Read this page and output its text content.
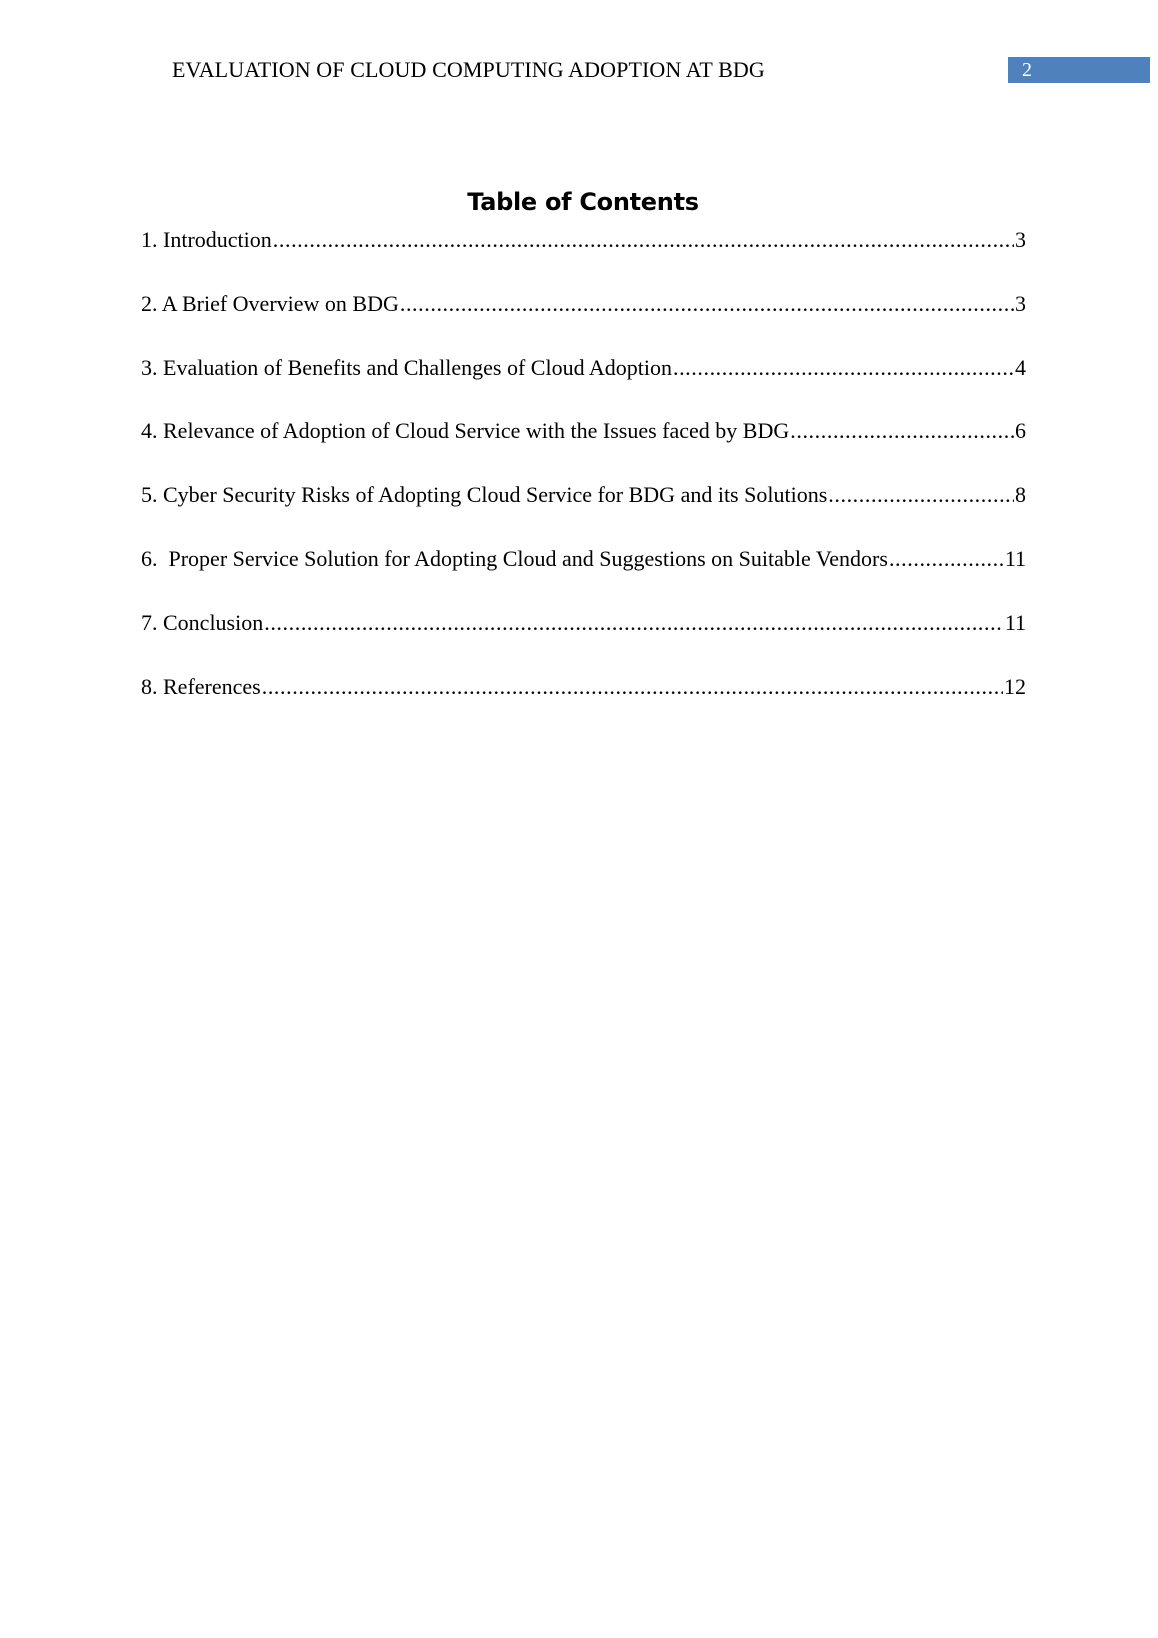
EVALUATION OF CLOUD COMPUTING ADOPTION AT BDG	2
Table of Contents
1. Introduction .....	3
2. A Brief Overview on BDG .....	3
3. Evaluation of Benefits and Challenges of Cloud Adoption .....	4
4. Relevance of Adoption of Cloud Service with the Issues faced by BDG .....	6
5. Cyber Security Risks of Adopting Cloud Service for BDG and its Solutions .....	8
6.  Proper Service Solution for Adopting Cloud and Suggestions on Suitable Vendors .....	11
7. Conclusion .....	11
8. References .....	12
